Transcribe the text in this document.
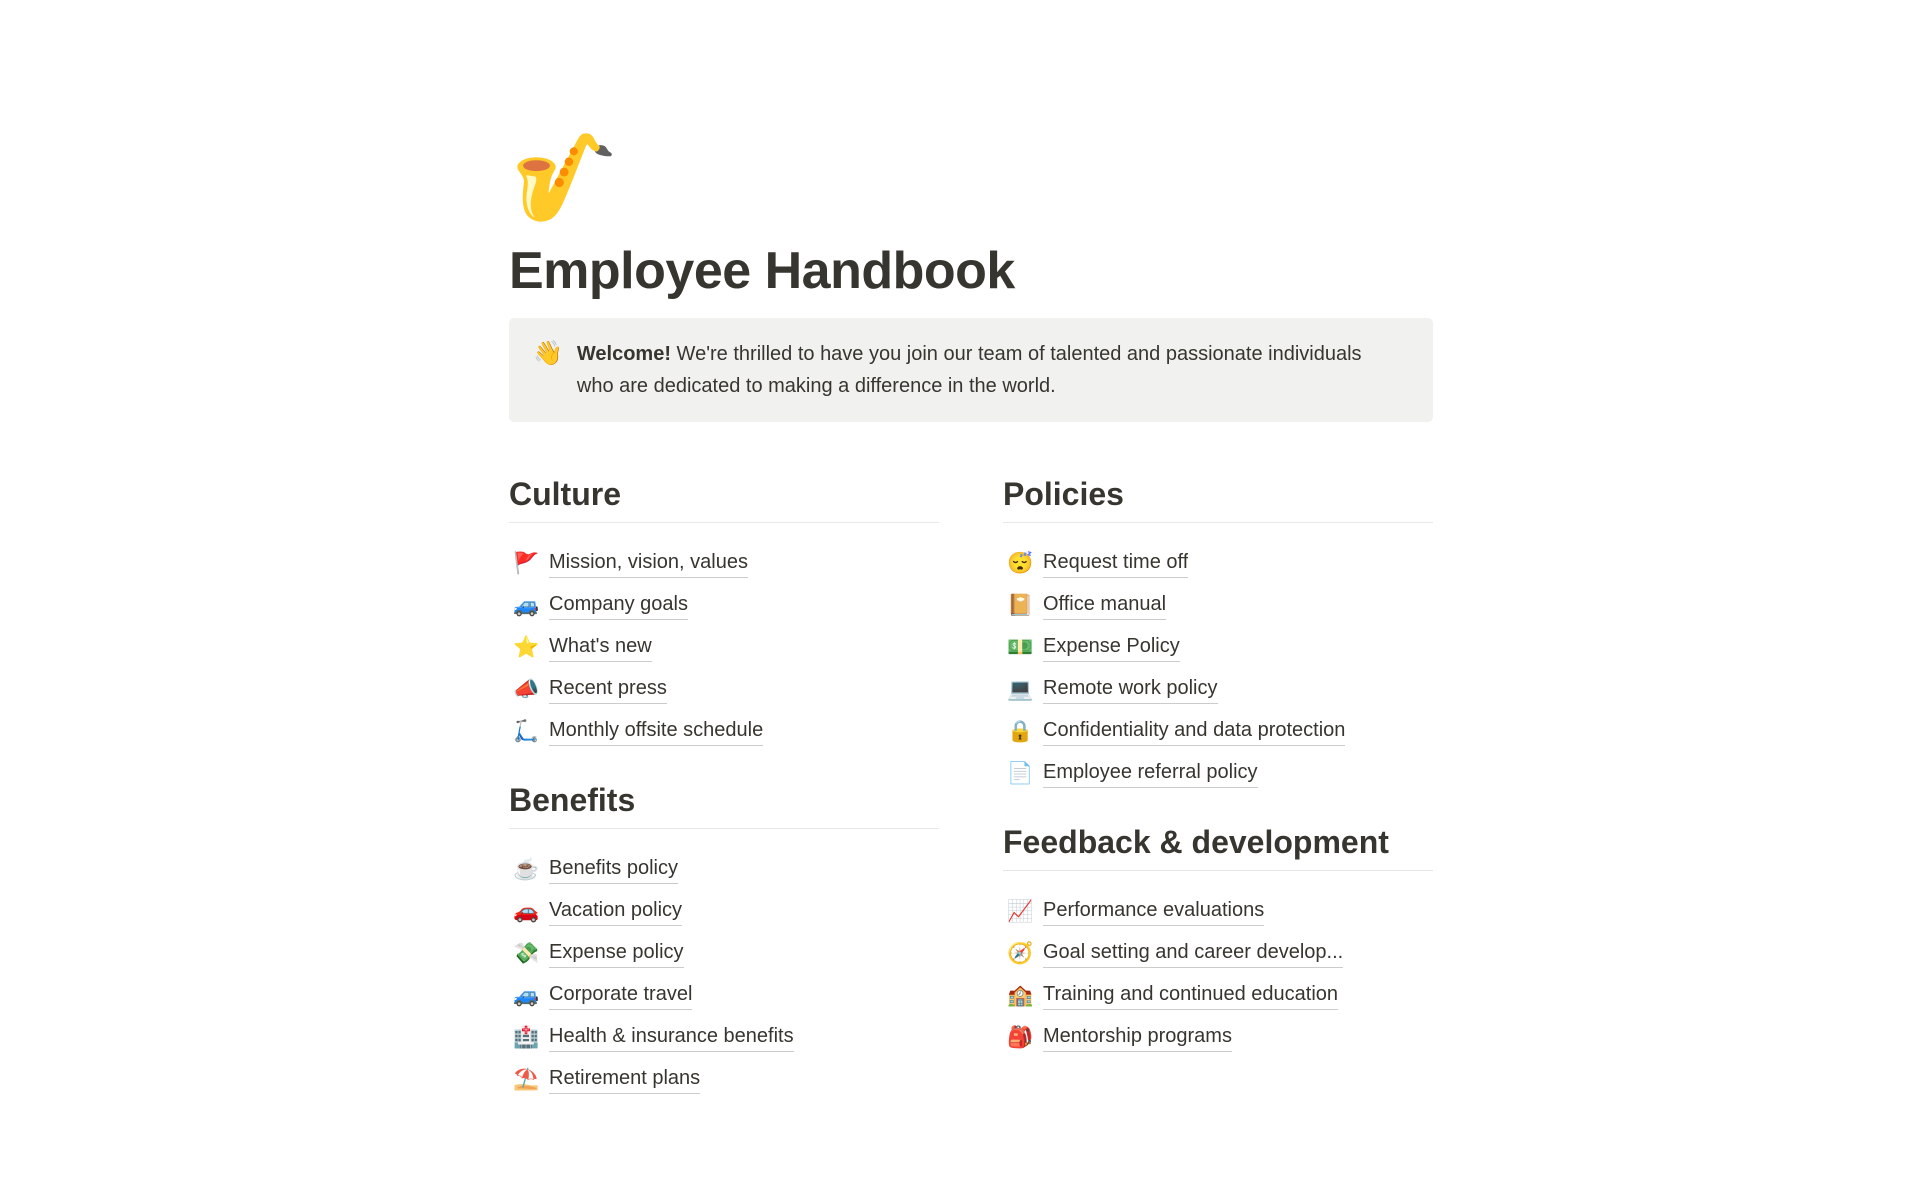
🎷
Employee Handbook
👋 Welcome! We're thrilled to have you join our team of talented and passionate individuals who are dedicated to making a difference in the world.
Culture
🚩 Mission, vision, values
🚙 Company goals
⭐ What's new
📣 Recent press
🛴 Monthly offsite schedule
Benefits
☕ Benefits policy
🚗 Vacation policy
💸 Expense policy
🚙 Corporate travel
🏥 Health & insurance benefits
⛱️ Retirement plans
Policies
😴 Request time off
📔 Office manual
💵 Expense Policy
💻 Remote work policy
🔒 Confidentiality and data protection
📄 Employee referral policy
Feedback & development
📈 Performance evaluations
🧭 Goal setting and career develop...
🏫 Training and continued education
🎒 Mentorship programs
